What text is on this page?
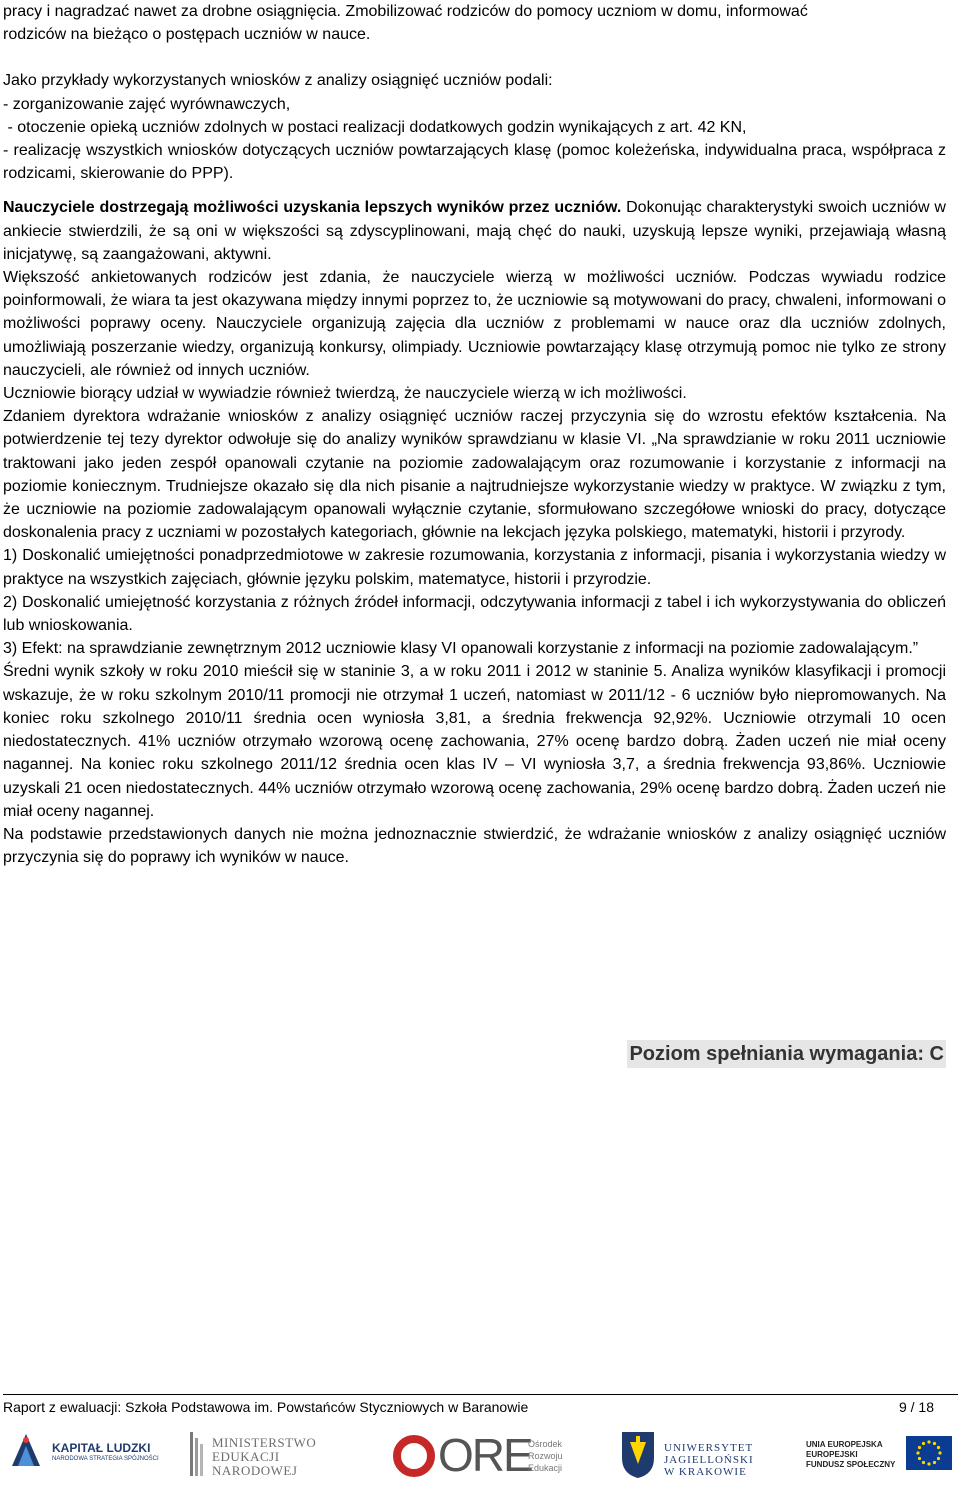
pracy i nagradzać nawet za drobne osiągnięcia. Zmobilizować rodziców do pomocy uczniom w domu, informować

rodziców na bieżąco o postępach uczniów w nauce.

Jako przykłady wykorzystanych wniosków z analizy osiągnięć uczniów podali:

- zorganizowanie zajęć wyrównawczych,

- otoczenie opieką uczniów zdolnych w postaci realizacji dodatkowych godzin wynikających z art. 42 KN,

- realizację wszystkich wniosków dotyczących uczniów powtarzających klasę (pomoc koleżeńska, indywidualna praca, współpraca z rodzicami, skierowanie do PPP).

Nauczyciele dostrzegają możliwości uzyskania lepszych wyników przez uczniów. Dokonując charakterystyki swoich uczniów w ankiecie stwierdzili, że są oni w większości są zdyscyplinowani, mają chęć do nauki, uzyskują lepsze wyniki, przejawiają własną inicjatywę, są zaangażowani, aktywni.

Większość ankietowanych rodziców jest zdania, że nauczyciele wierzą w możliwości uczniów. Podczas wywiadu rodzice poinformowali, że wiara ta jest okazywana między innymi poprzez to, że uczniowie są motywowani do pracy, chwaleni, informowani o możliwości poprawy oceny. Nauczyciele organizują zajęcia dla uczniów z problemami w nauce oraz dla uczniów zdolnych, umożliwiają poszerzanie wiedzy, organizują konkursy, olimpiady. Uczniowie powtarzający klasę otrzymują pomoc nie tylko ze strony nauczycieli, ale również od innych uczniów.

Uczniowie biorący udział w wywiadzie również twierdzą, że nauczyciele wierzą w ich możliwości.

Zdaniem dyrektora wdrażanie wniosków z analizy osiągnięć uczniów raczej przyczynia się do wzrostu efektów kształcenia. Na potwierdzenie tej tezy dyrektor odwołuje się do analizy wyników sprawdzianu w klasie VI. „Na sprawdzianie w roku 2011 uczniowie traktowani jako jeden zespół opanowali czytanie na poziomie zadowalającym oraz rozumowanie i korzystanie z informacji na poziomie koniecznym. Trudniejsze okazało się dla nich pisanie a najtrudniejsze wykorzystanie wiedzy w praktyce. W związku z tym, że uczniowie na poziomie zadowalającym opanowali wyłącznie czytanie, sformułowano szczegółowe wnioski do pracy, dotyczące doskonalenia pracy z uczniami w pozostałych kategoriach, głównie na lekcjach języka polskiego, matematyki, historii i przyrody.

1) Doskonalić umiejętności ponadprzedmiotowe w zakresie rozumowania, korzystania z informacji, pisania i wykorzystania wiedzy w praktyce na wszystkich zajęciach, głównie języku polskim, matematyce, historii i przyrodzie.

2) Doskonalić umiejętność korzystania z różnych źródeł informacji, odczytywania informacji z tabel i ich wykorzystywania do obliczeń lub wnioskowania.

3) Efekt: na sprawdzianie zewnętrznym 2012 uczniowie klasy VI opanowali korzystanie z informacji na poziomie zadowalającym.”

Średni wynik szkoły w roku 2010 mieścił się w staninie 3, a w roku 2011 i 2012 w staninie 5. Analiza wyników klasyfikacji i promocji wskazuje, że w roku szkolnym 2010/11 promocji nie otrzymał 1 uczeń, natomiast w 2011/12 - 6 uczniów było niepromowanych. Na koniec roku szkolnego 2010/11 średnia ocen wyniosła 3,81, a średnia frekwencja 92,92%. Uczniowie otrzymali 10 ocen niedostatecznych. 41% uczniów otrzymało wzorową ocenę zachowania, 27% ocenę bardzo dobrą. Żaden uczeń nie miał oceny nagannej. Na koniec roku szkolnego 2011/12 średnia ocen klas IV – VI wyniosła 3,7, a średnia frekwencja 93,86%. Uczniowie uzyskali 21 ocen niedostatecznych. 44% uczniów otrzymało wzorową ocenę zachowania, 29% ocenę bardzo dobrą. Żaden uczeń nie miał oceny nagannej.

Na podstawie przedstawionych danych nie można jednoznacznie stwierdzić, że wdrażanie wniosków z analizy osiągnięć uczniów przyczynia się do poprawy ich wyników w nauce.

Poziom spełniania wymagania: C
Raport z ewaluacji: Szkoła Podstawowa im. Powstańców Styczniowych w Baranowie	9 / 18
KAPITAŁ LUDZKI
NARODOWA STRATEGIA SPÓJNOŚCI
MINISTERSTWO
EDUKACJI
NARODOWEJ	ORE
Ośrodek
Rozwoju
Edukacji
UNIWERSYTET
JAGIELLOŃSKI
W KRAKOWIE
UNIA EUROPEJSKA
EUROPEJSKI
FUNDUSZ SPOŁECZNY
